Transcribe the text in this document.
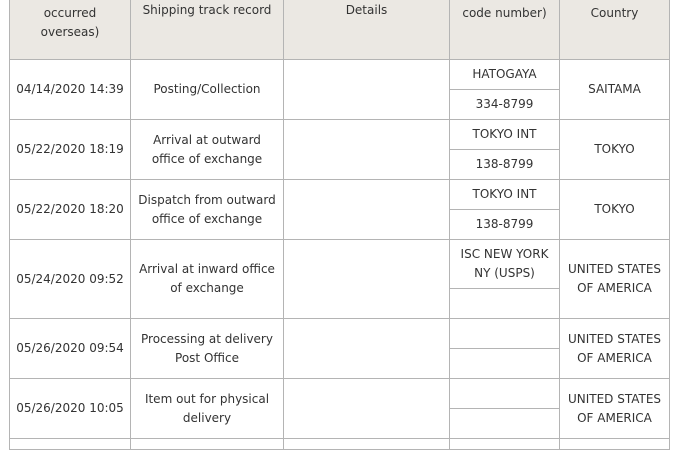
occurred overseas)	Shipping track record	Details	code number)	Country
04/14/2020 14:39	Posting/Collection		HATOGAYA	SAITAMA
			334-8799	
05/22/2020 18:19	Arrival at outward office of exchange		TOKYO INT	TOKYO
			138-8799	
05/22/2020 18:20	Dispatch from outward office of exchange		TOKYO INT	TOKYO
			138-8799	
05/24/2020 09:52	Arrival at inward office of exchange		ISC NEW YORK NY (USPS)	UNITED STATES OF AMERICA

05/26/2020 09:54	Processing at delivery Post Office			UNITED STATES OF AMERICA

05/26/2020 10:05	Item out for physical delivery			UNITED STATES OF AMERICA
